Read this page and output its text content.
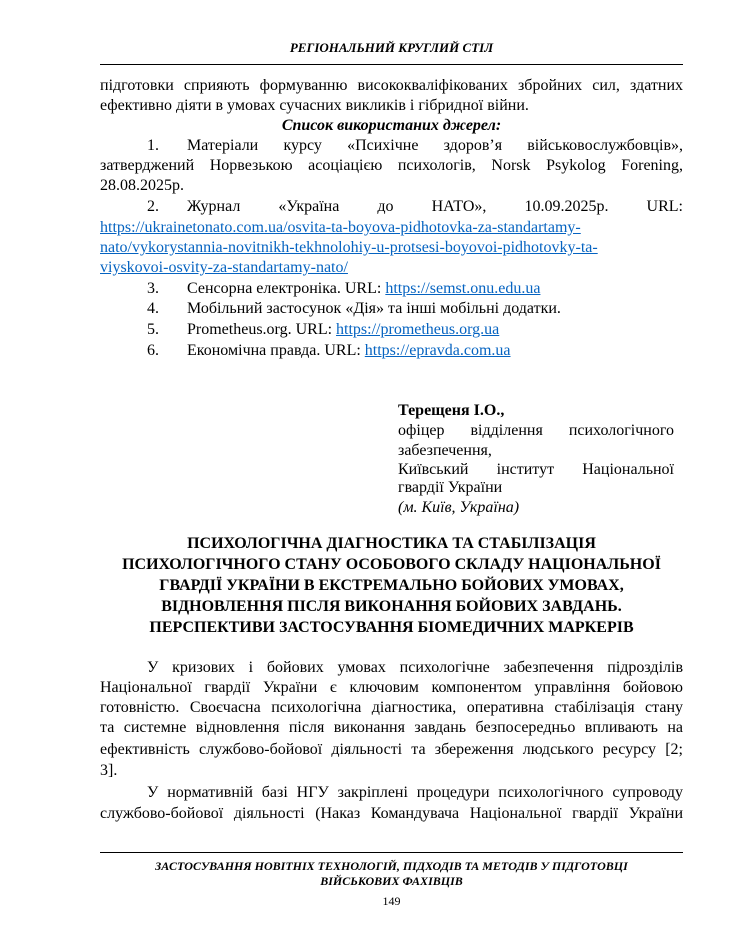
РЕГІОНАЛЬНИЙ КРУГЛИЙ СТІЛ
підготовки сприяють формуванню висококваліфікованих збройних сил, здатних
ефективно діяти в умовах сучасних викликів і гібридної війни.
Список використаних джерел:
1. Матеріали курсу «Психічне здоров’я військовослужбовців»,
затверджений Норвезькою асоціацією психологів, Norsk Psykolog Forening,
28.08.2025р.
2. Журнал «Україна до НАТО», 10.09.2025р. URL:
https://ukrainetonato.com.ua/osvita-ta-boyova-pidhotovka-za-standartamy-
nato/vykorystannia-novitnikh-tekhnolohiy-u-protsesi-boyovoi-pidhotovky-ta-
viyskovoi-osvity-za-standartamy-nato/
3. Сенсорна електроніка. URL: https://semst.onu.edu.ua
4. Мобільний застосунок «Дія» та інші мобільні додатки.
5. Prometheus.org. URL: https://prometheus.org.ua
6. Економічна правда. URL: https://epravda.com.ua
Терещеня І.О.,
офіцер відділення психологічного
забезпечення,
Київський інститут Національної
гвардії України
(м. Київ, Україна)
ПСИХОЛОГІЧНА ДІАГНОСТИКА ТА СТАБІЛІЗАЦІЯ
ПСИХОЛОГІЧНОГО СТАНУ ОСОБОВОГО СКЛАДУ НАЦІОНАЛЬНОЇ
ГВАРДІЇ УКРАЇНИ В ЕКСТРЕМАЛЬНО БОЙОВИХ УМОВАХ,
ВІДНОВЛЕННЯ ПІСЛЯ ВИКОНАННЯ БОЙОВИХ ЗАВДАНЬ.
ПЕРСПЕКТИВИ ЗАСТОСУВАННЯ БІОМЕДИЧНИХ МАРКЕРІВ
У кризових і бойових умовах психологічне забезпечення підрозділів
Національної гвардії України є ключовим компонентом управління бойовою
готовністю. Своєчасна психологічна діагностика, оперативна стабілізація стану
та системне відновлення після виконання завдань безпосередньо впливають на
ефективність службово-бойової діяльності та збереження людського ресурсу [2;
3].
У нормативній базі НГУ закріплені процедури психологічного супроводу
службово-бойової діяльності (Наказ Командувача Національної гвардії України
ЗАСТОСУВАННЯ НОВІТНІХ ТЕХНОЛОГІЙ, ПІДХОДІВ ТА МЕТОДІВ У ПІДГОТОВЦІ
ВІЙСЬКОВИХ ФАХІВЦІВ
149
